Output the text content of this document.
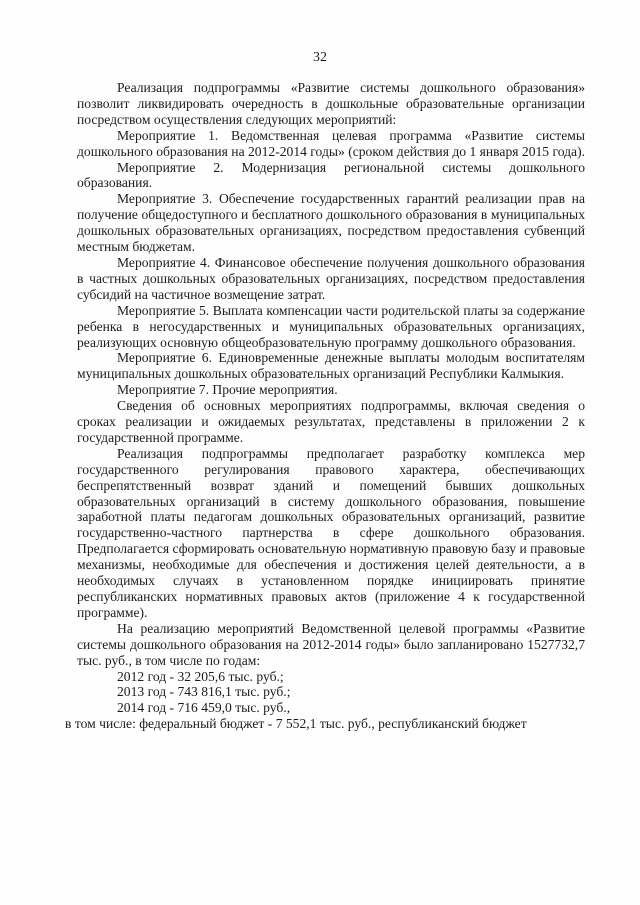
32

Реализация подпрограммы «Развитие системы дошкольного образования» позволит ликвидировать очередность в дошкольные образовательные организации посредством осуществления следующих мероприятий:

Мероприятие 1. Ведомственная целевая программа «Развитие системы дошкольного образования на 2012-2014 годы» (сроком действия до 1 января 2015 года).

Мероприятие 2. Модернизация региональной системы дошкольного образования.

Мероприятие 3. Обеспечение государственных гарантий реализации прав на получение общедоступного и бесплатного дошкольного образования в муниципальных дошкольных образовательных организациях, посредством предоставления субвенций местным бюджетам.

Мероприятие 4. Финансовое обеспечение получения дошкольного образования в частных дошкольных образовательных организациях, посредством предоставления субсидий на частичное возмещение затрат.

Мероприятие 5. Выплата компенсации части родительской платы за содержание ребенка в негосударственных и муниципальных образовательных организациях, реализующих основную общеобразовательную программу дошкольного образования.

Мероприятие 6. Единовременные денежные выплаты молодым воспитателям муниципальных дошкольных образовательных организаций Республики Калмыкия.

Мероприятие 7. Прочие мероприятия.

Сведения об основных мероприятиях подпрограммы, включая сведения о сроках реализации и ожидаемых результатах, представлены в приложении 2 к государственной программе.

Реализация подпрограммы предполагает разработку комплекса мер государственного регулирования правового характера, обеспечивающих беспрепятственный возврат зданий и помещений бывших дошкольных образовательных организаций в систему дошкольного образования, повышение заработной платы педагогам дошкольных образовательных организаций, развитие государственно-частного партнерства в сфере дошкольного образования. Предполагается сформировать основательную нормативную правовую базу и правовые механизмы, необходимые для обеспечения и достижения целей деятельности, а в необходимых случаях в установленном порядке инициировать принятие республиканских нормативных правовых актов (приложение 4 к государственной программе).

На реализацию мероприятий Ведомственной целевой программы «Развитие системы дошкольного образования на 2012-2014 годы» было запланировано 1527732,7 тыс. руб., в том числе по годам:

2012 год - 32 205,6 тыс. руб.;

2013 год - 743 816,1 тыс. руб.;

2014 год - 716 459,0 тыс. руб.,

в том числе: федеральный бюджет - 7 552,1 тыс. руб., республиканский бюджет
